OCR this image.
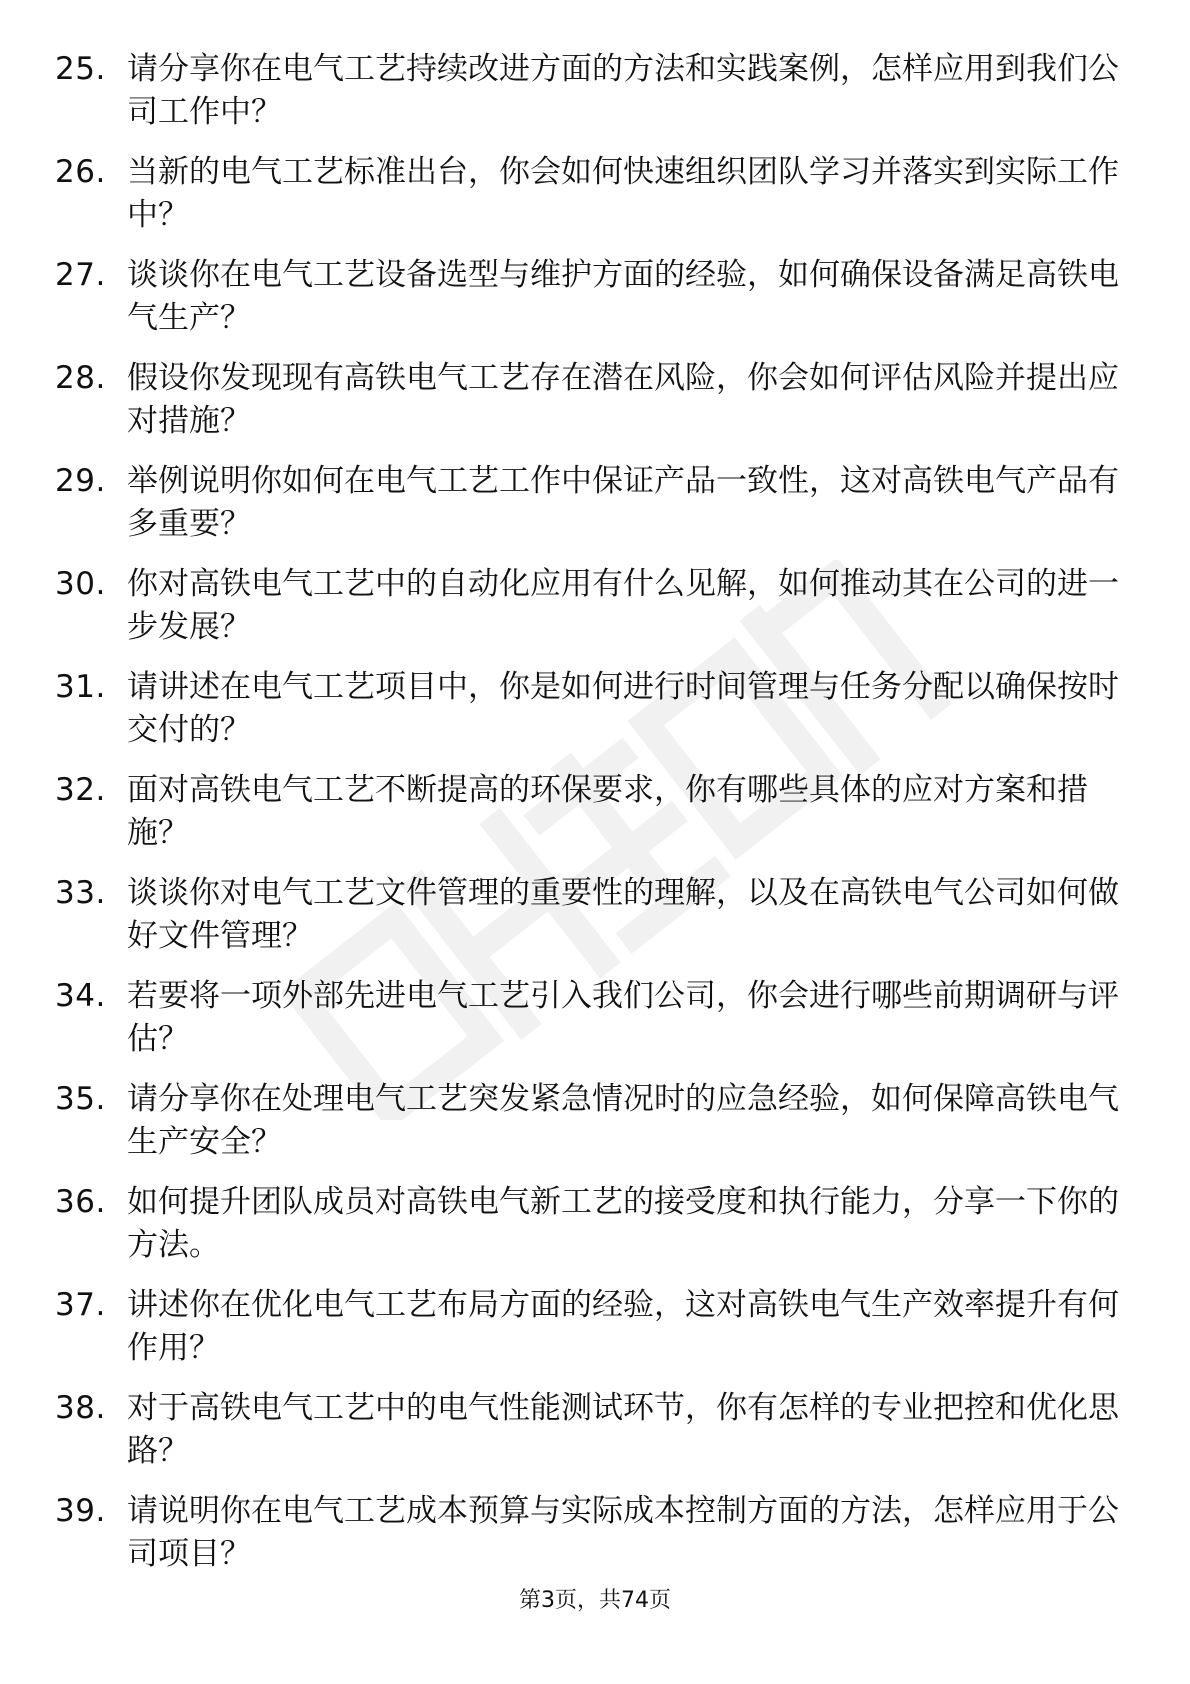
25. 请分享你在电气工艺持续改进方面的方法和实践案例，怎样应用到我们公司工作中？
26. 当新的电气工艺标准出台，你会如何快速组织团队学习并落实到实际工作中？
27. 谈谈你在电气工艺设备选型与维护方面的经验，如何确保设备满足高铁电气生产？
28. 假设你发现现有高铁电气工艺存在潜在风险，你会如何评估风险并提出应对措施？
29. 举例说明你如何在电气工艺工作中保证产品一致性，这对高铁电气产品有多重要？
30. 你对高铁电气工艺中的自动化应用有什么见解，如何推动其在公司的进一步发展？
31. 请讲述在电气工艺项目中，你是如何进行时间管理与任务分配以确保按时交付的？
32. 面对高铁电气工艺不断提高的环保要求，你有哪些具体的应对方案和措施？
33. 谈谈你对电气工艺文件管理的重要性的理解，以及在高铁电气公司如何做好文件管理？
34. 若要将一项外部先进电气工艺引入我们公司，你会进行哪些前期调研与评估？
35. 请分享你在处理电气工艺突发紧急情况时的应急经验，如何保障高铁电气生产安全？
36. 如何提升团队成员对高铁电气新工艺的接受度和执行能力，分享一下你的方法。
37. 讲述你在优化电气工艺布局方面的经验，这对高铁电气生产效率提升有何作用？
38. 对于高铁电气工艺中的电气性能测试环节，你有怎样的专业把控和优化思路？
39. 请说明你在电气工艺成本预算与实际成本控制方面的方法，怎样应用于公司项目？
第3页，共74页
